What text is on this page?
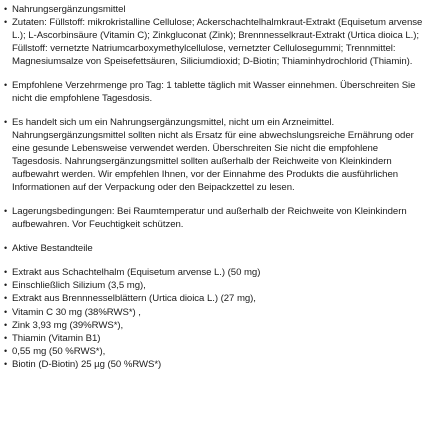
• Nahrungsergänzungsmittel
• Zutaten: Füllstoff: mikrokristalline Cellulose; Ackerschachtelhalmkraut-Extrakt (Equisetum arvense L.); L-Ascorbinsäure (Vitamin C); Zinkgluconat (Zink); Brennnesselkraut-Extrakt (Urtica dioica L.); Füllstoff: vernetzte Natriumcarboxymethylcellulose, vernetzter Cellulosegummi; Trennmittel: Magnesiumsalze von Speisefettsäuren, Siliciumdioxid; D-Biotin; Thiaminhydrochlorid (Thiamin).
• Empfohlene Verzehrmenge pro Tag: 1 tablette täglich mit Wasser einnehmen. Überschreiten Sie nicht die empfohlene Tagesdosis.
• Es handelt sich um ein Nahrungsergänzungsmittel, nicht um ein Arzneimittel. Nahrungsergänzungsmittel sollten nicht als Ersatz für eine abwechslungsreiche Ernährung oder eine gesunde Lebensweise verwendet werden. Überschreiten Sie nicht die empfohlene Tagesdosis. Nahrungsergänzungsmittel sollten außerhalb der Reichweite von Kleinkindern aufbewahrt werden. Wir empfehlen Ihnen, vor der Einnahme des Produkts die ausführlichen Informationen auf der Verpackung oder den Beipackzettel zu lesen.
• Lagerungsbedingungen: Bei Raumtemperatur und außerhalb der Reichweite von Kleinkindern aufbewahren. Vor Feuchtigkeit schützen.
• Aktive Bestandteile
• Extrakt aus Schachtelhalm (Equisetum arvense L.) (50 mg)
• Einschließlich Silizium (3,5 mg),
• Extrakt aus Brennnesselblättern (Urtica dioica L.) (27 mg),
• Vitamin C 30 mg (38%RWS*) ,
• Zink 3,93 mg (39%RWS*),
• Thiamin (Vitamin B1)
• 0,55 mg (50 %RWS*),
• Biotin (D-Biotin) 25 µg (50 %RWS*)
